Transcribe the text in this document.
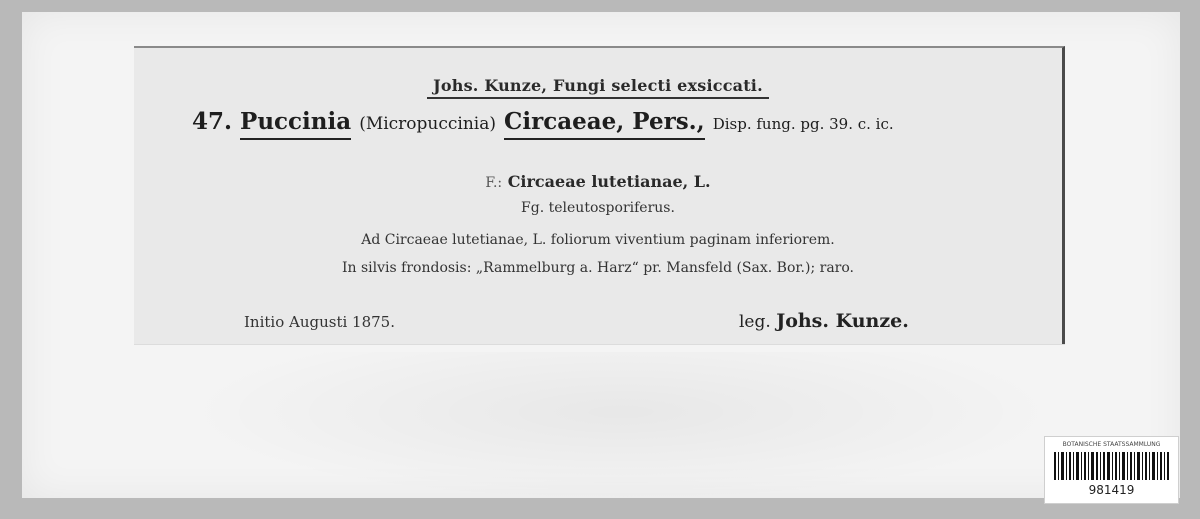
Johs. Kunze, Fungi selecti exsiccati.
47. Puccinia (Micropuccinia) Circaeae, Pers., Disp. fung. pg. 39. c. ic.
F.: Circaeae lutetianae, L.
Fg. teleutosporiferus.
Ad Circaeae lutetianae, L. foliorum viventium paginam inferiorem.
In silvis frondosis: „Rammelburg a. Harz“ pr. Mansfeld (Sax. Bor.); raro.
Initio Augusti 1875.	leg. Johs. Kunze.
BOTANISCHE STAATSSAMMLUNG
981419
